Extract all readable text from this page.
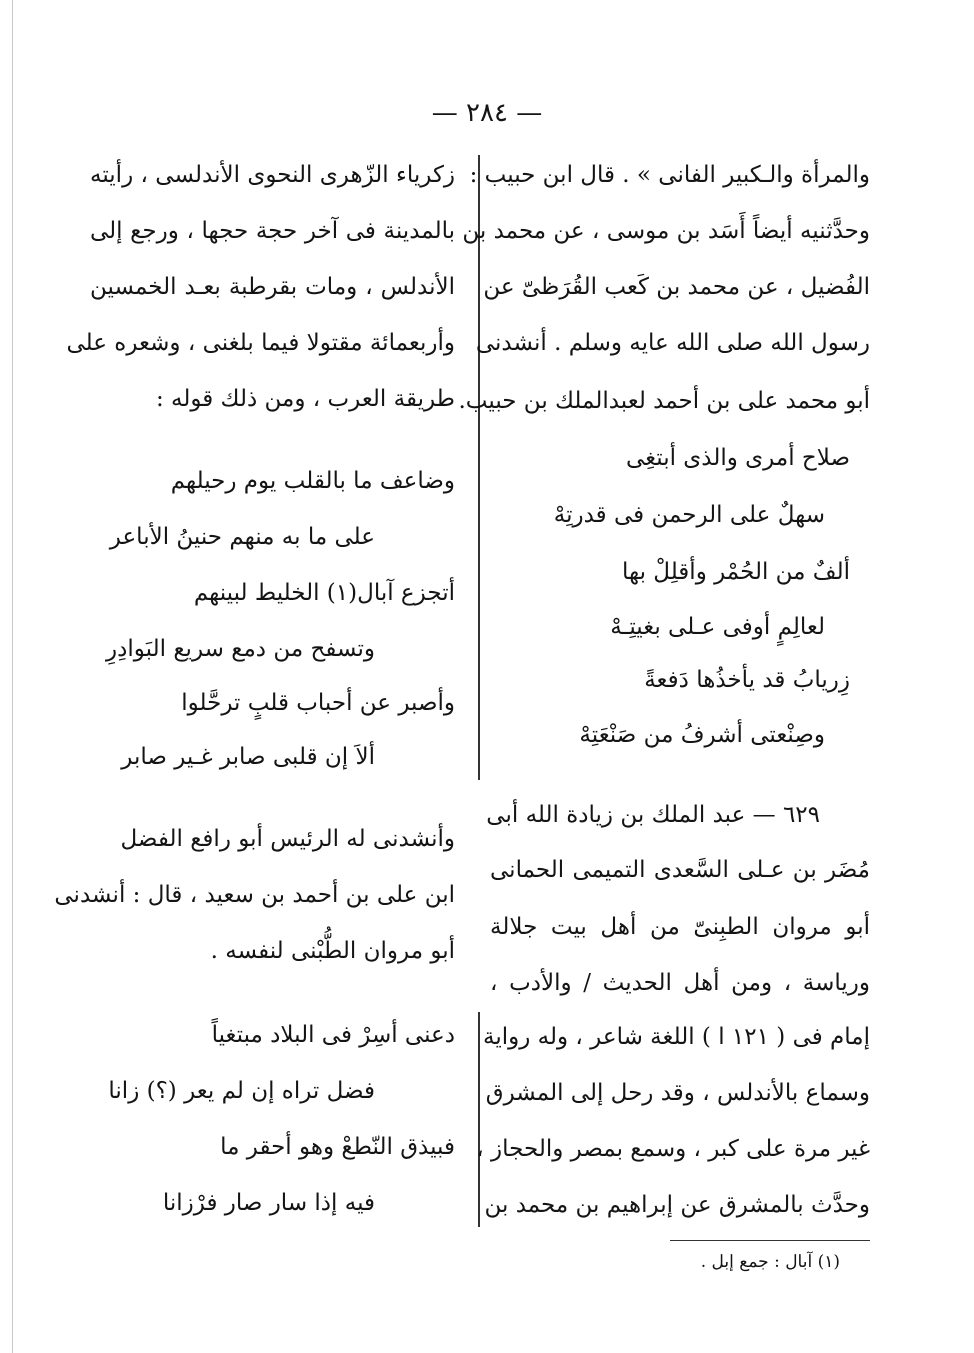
— ٢٨٤ —
والمرأة والـكبير الفانى » . قال ابن حبيب :
وحدَّثنيه أيضاً أَسَد بن موسى ، عن محمد بن
الفُضيل ، عن محمد بن كَعب القُرَظىّ عن
رسول الله صلى الله عايه وسلم . أنشدنى
أبو محمد على بن أحمد لعبدالملك بن حبيب.
صلاح أمرى والذى أبتغِى
سهلٌ على الرحمن فى قدرتِهْ
ألفٌ من الحُمْر وأقلِلْ بها
لعالِمٍ أوفى عـلى بغيتِـهْ
زِريابُ قد يأخذُها دَفعةً
وصِنْعتى أشرفُ من صَنْعَتِهْ
٦٢٩ — عبد الملك بن زيادة الله أبى
مُضَر بن عـلى السَّعدى التميمى الحمانى
أبو مروان الطبِنىّ من أهل بيت جلالة
ورياسة ، ومن أهل الحديث / والأدب ،
إمام فى ( ١٢١ ا ) اللغة شاعر ، وله رواية
وسماع بالأندلس ، وقد رحل إلى المشرق
غير مرة على كبر ، وسمع بمصر والحجاز ،
وحدَّث بالمشرق عن إبراهيم بن محمد بن
زكرياء الزّهرى النحوى الأندلسى ، رأيته
بالمدينة فى آخر حجة حجها ، ورجع إلى
الأندلس ، ومات بقرطبة بعـد الخمسين
وأربعمائة مقتولا فيما بلغنى ، وشعره على
طريقة العرب ، ومن ذلك قوله :
وضاعف ما بالقلب يوم رحيلهم
على ما به منهم حنينُ الأباعر
أتجزع آبال(١) الخليط لبينهم
وتسفح من دمع سريع البَوادِرِ
وأصبر عن أحباب قلبٍ ترحَّلوا
ألاَ إن قلبى صابر غـير صابر
وأنشدنى له الرئيس أبو رافع الفضل
ابن على بن أحمد بن سعيد ، قال : أنشدنى
أبو مروان الطُّبْنى لنفسه .
دعنى أسِرْ فى البلاد مبتغياً
فضل تراه إن لم يعر (؟) زانا
فبيذق النّطعْ وهو أحقر ما
فيه إذا سار صار فرْزانا
(١) آبال : جمع إبل .
